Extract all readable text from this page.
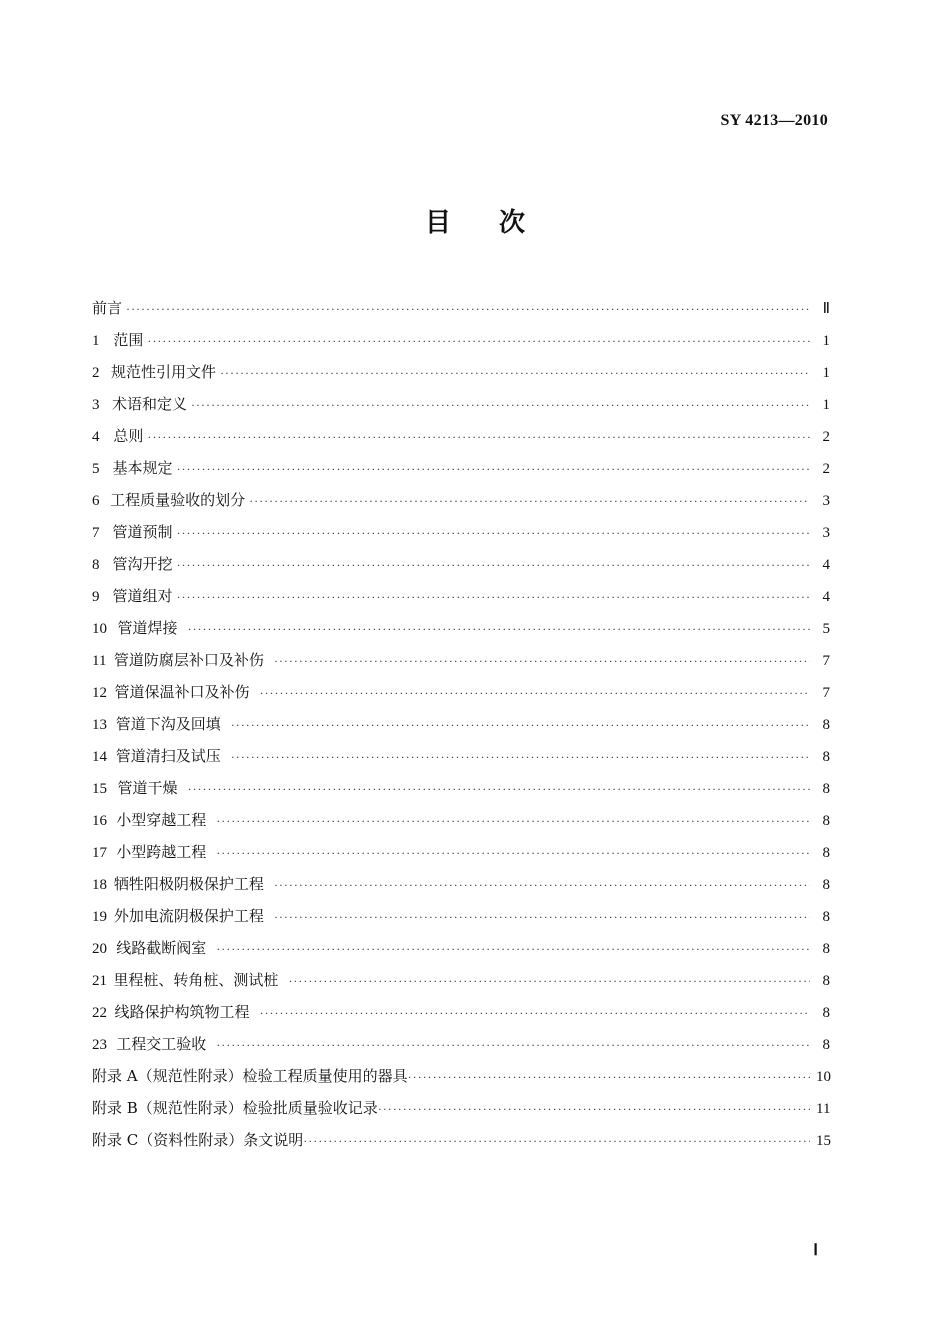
SY 4213—2010
目次
前言 ·····	Ⅱ
1 范围 ·····	1
2 规范性引用文件 ·····	1
3 术语和定义 ·····	1
4 总则 ·····	2
5 基本规定 ·····	2
6 工程质量验收的划分 ·····	3
7 管道预制 ·····	3
8 管沟开挖 ·····	4
9 管道组对 ·····	4
10 管道焊接 ·····	5
11 管道防腐层补口及补伤 ·····	7
12 管道保温补口及补伤 ·····	7
13 管道下沟及回填 ·····	8
14 管道清扫及试压 ·····	8
15 管道干燥 ·····	8
16 小型穿越工程 ·····	8
17 小型跨越工程 ·····	8
18 牺牲阳极阴极保护工程 ·····	8
19 外加电流阴极保护工程 ·····	8
20 线路截断阀室 ·····	8
21 里程桩、转角桩、测试桩 ·····	8
22 线路保护构筑物工程 ·····	8
23 工程交工验收 ·····	8
附录 A（规范性附录） 检验工程质量使用的器具 ·····	10
附录 B（规范性附录） 检验批质量验收记录 ·····	11
附录 C（资料性附录） 条文说明 ·····	15
Ⅰ
